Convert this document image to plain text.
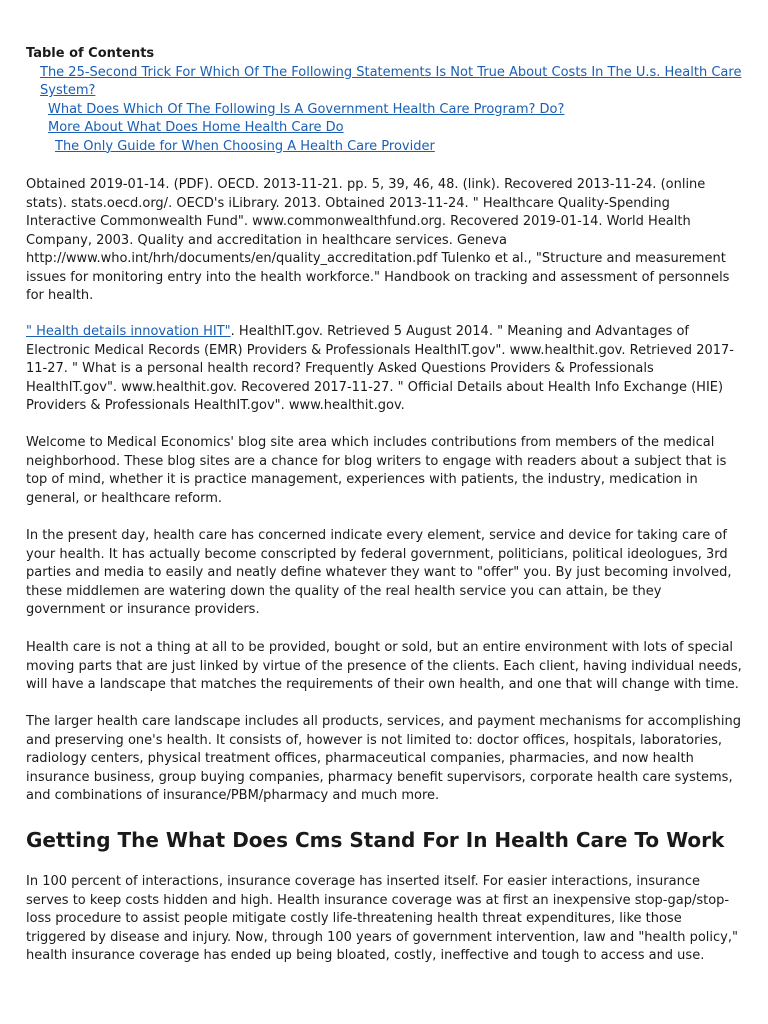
Table of Contents

The 25-Second Trick For Which Of The Following Statements Is Not True About Costs In The U.s. Health Care System?
What Does Which Of The Following Is A Government Health Care Program? Do?
More About What Does Home Health Care Do
The Only Guide for When Choosing A Health Care Provider

Obtained 2019-01-14. (PDF). OECD. 2013-11-21. pp. 5, 39, 46, 48. (link). Recovered 2013-11-24. (online stats). stats.oecd.org/. OECD's iLibrary. 2013. Obtained 2013-11-24. " Healthcare Quality-Spending Interactive Commonwealth Fund". www.commonwealthfund.org. Recovered 2019-01-14. World Health Company, 2003. Quality and accreditation in healthcare services. Geneva http://www.who.int/hrh/documents/en/quality_accreditation.pdf Tulenko et al., "Structure and measurement issues for monitoring entry into the health workforce." Handbook on tracking and assessment of personnels for health.

" Health details innovation HIT". HealthIT.gov. Retrieved 5 August 2014. " Meaning and Advantages of Electronic Medical Records (EMR) Providers & Professionals HealthIT.gov". www.healthit.gov. Retrieved 2017-11-27. " What is a personal health record? Frequently Asked Questions Providers & Professionals HealthIT.gov". www.healthit.gov. Recovered 2017-11-27. " Official Details about Health Info Exchange (HIE) Providers & Professionals HealthIT.gov". www.healthit.gov.

Welcome to Medical Economics' blog site area which includes contributions from members of the medical neighborhood. These blog sites are a chance for blog writers to engage with readers about a subject that is top of mind, whether it is practice management, experiences with patients, the industry, medication in general, or healthcare reform.

In the present day, health care has concerned indicate every element, service and device for taking care of your health. It has actually become conscripted by federal government, politicians, political ideologues, 3rd parties and media to easily and neatly define whatever they want to "offer" you. By just becoming involved, these middlemen are watering down the quality of the real health service you can attain, be they government or insurance providers.

Health care is not a thing at all to be provided, bought or sold, but an entire environment with lots of special moving parts that are just linked by virtue of the presence of the clients. Each client, having individual needs, will have a landscape that matches the requirements of their own health, and one that will change with time.

The larger health care landscape includes all products, services, and payment mechanisms for accomplishing and preserving one's health. It consists of, however is not limited to: doctor offices, hospitals, laboratories, radiology centers, physical treatment offices, pharmaceutical companies, pharmacies, and now health insurance business, group buying companies, pharmacy benefit supervisors, corporate health care systems, and combinations of insurance/PBM/pharmacy and much more.

Getting The What Does Cms Stand For In Health Care To Work

In 100 percent of interactions, insurance coverage has inserted itself. For easier interactions, insurance serves to keep costs hidden and high. Health insurance coverage was at first an inexpensive stop-gap/stop-loss procedure to assist people mitigate costly life-threatening health threat expenditures, like those triggered by disease and injury. Now, through 100 years of government intervention, law and "health policy," health insurance coverage has ended up being bloated, costly, ineffective and tough to access and use.
